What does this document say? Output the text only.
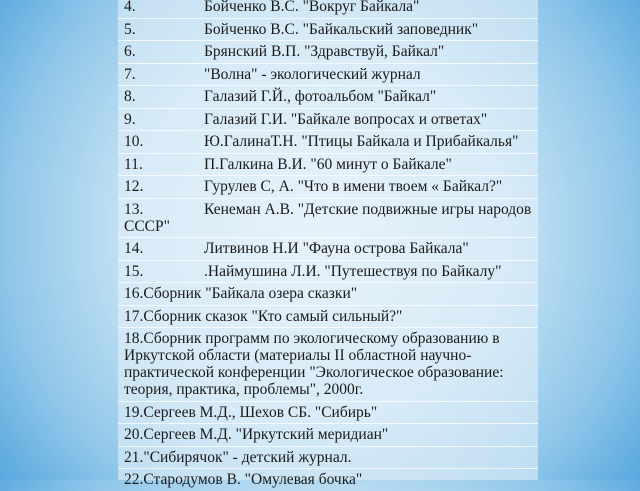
4.	Бойченко В.С. "Вокруг Байкала"
5.	Бойченко В.С. "Байкальский заповедник"
6.	Брянский В.П. "Здравствуй, Байкал"
7.	"Волна" - экологический журнал
8.	Галазий Г.Й., фотоальбом "Байкал"
9.	Галазий Г.И. "Байкале вопросах и ответах"
10.	Ю.ГалинаТ.Н. "Птицы Байкала и Прибайкалья"
11.	П.Галкина В.И. "60 минут о Байкале"
12.	Гурулев С, А. "Что в имени твоем « Байкал?"
13.	Кенеман А.В. "Детские подвижные игры народов
СССР"
14.	Литвинов Н.И "Фауна острова Байкала"
15.	.Наймушина Л.И. "Путешествуя по Байкалу"
16.Сборник "Байкала озера сказки"
17.Сборник сказок "Кто самый сильный?"
18.Сборник программ по экологическому образованию в Иркутской области (материалы II областной научно-практической конференции "Экологическое образование: теория, практика, проблемы", 2000г.
19.Сергеев М.Д., Шехов СБ. "Сибирь"
20.Сергеев М.Д. "Иркутский меридиан"
21."Сибирячок" - детский журнал.
22.Стародумов В. "Омулевая бочка"
